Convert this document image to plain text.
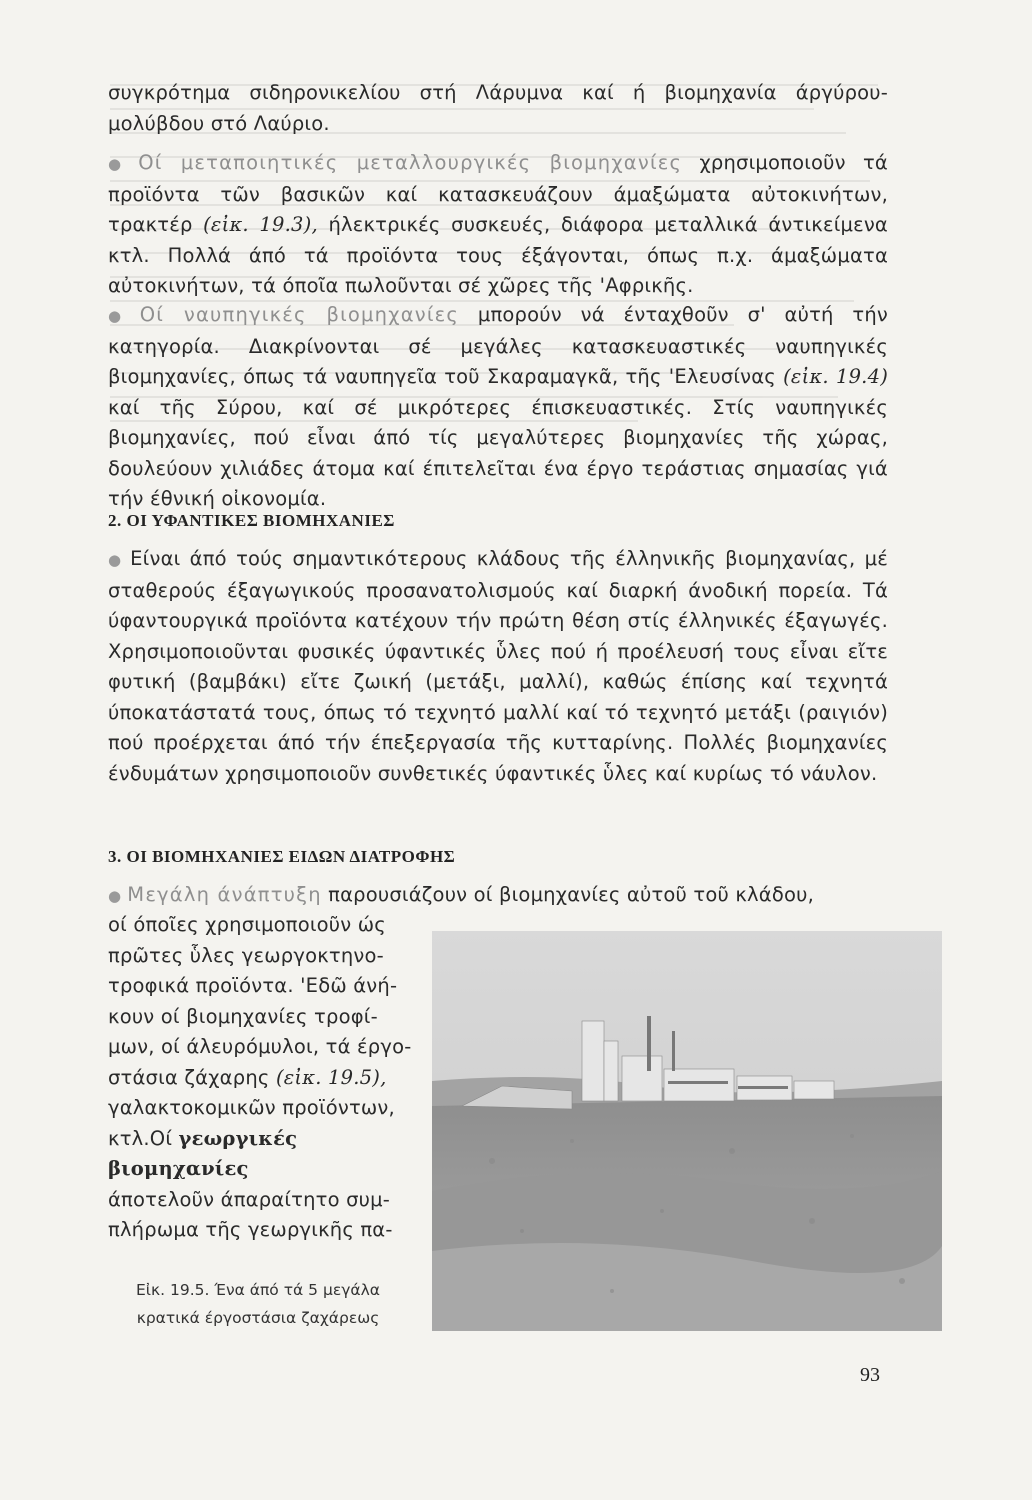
συγκρότημα σιδηρονικελίου στή Λάρυμνα καί ή βιομηχανία άργύρου-μολύβδου στό Λαύριο.

● Οί μεταποιητικές μεταλλουργικές βιομηχανίες χρησιμοποιοῦν τά προϊόντα τῶν βασικῶν καί κατασκευάζουν άμαξώματα αὐτοκινήτων, τρακτέρ (εἰκ. 19.3), ήλεκτρικές συσκευές, διάφορα μεταλλικά άντικείμενα κτλ. Πολλά άπό τά προϊόντα τους έξάγονται, όπως π.χ. άμαξώματα αὐτοκινήτων, τά όποῖα πωλοῦνται σέ χῶρες τῆς 'Αφρικῆς.

● Οί ναυπηγικές βιομηχανίες μπορούν νά ένταχθοῦν σ' αὐτή τήν κατηγορία. Διακρίνονται σέ μεγάλες κατασκευαστικές ναυπηγικές βιομηχανίες, όπως τά ναυπηγεῖα τοῦ Σκαραμαγκᾶ, τῆς 'Ελευσίνας (εἰκ. 19.4) καί τῆς Σύρου, καί σέ μικρότερες έπισκευαστικές. Στίς ναυπηγικές βιομηχανίες, πού εἶναι άπό τίς μεγαλύτερες βιομηχανίες τῆς χώρας, δουλεύουν χιλιάδες άτομα καί έπιτελεῖται ένα έργο τεράστιας σημασίας γιά τήν έθνική οἰκονομία.

2. ΟΙ ΥΦΑΝΤΙΚΕΣ ΒΙΟΜΗΧΑΝΙΕΣ

● Είναι άπό τούς σημαντικότερους κλάδους τῆς έλληνικῆς βιομηχανίας, μέ σταθερούς έξαγωγικούς προσανατολισμούς καί διαρκή άνοδική πορεία. Τά ύφαντουργικά προϊόντα κατέχουν τήν πρώτη θέση στίς έλληνικές έξαγωγές. Χρησιμοποιοῦνται φυσικές ύφαντικές ὗλες πού ή προέλευσή τους εἶναι εἴτε φυτική (βαμβάκι) εἴτε ζωική (μετάξι, μαλλί), καθώς έπίσης καί τεχνητά ύποκατάστατά τους, όπως τό τεχνητό μαλλί καί τό τεχνητό μετάξι (ραιγιόν) πού προέρχεται άπό τήν έπεξεργασία τῆς κυτταρίνης. Πολλές βιομηχανίες ένδυμάτων χρησιμοποιοῦν συνθετικές ύφαντικές ὗλες καί κυρίως τό νάυλον.

3. ΟΙ ΒΙΟΜΗΧΑΝΙΕΣ ΕΙΔΩΝ ΔΙΑΤΡΟΦΗΣ

● Μεγάλη άνάπτυξη παρουσιάζουν οί βιομηχανίες αὐτοῦ τοῦ κλάδου,

οί όποῖες χρησιμοποιοῦν ώς
πρῶτες ὗλες γεωργοκτηνο-
τροφικά προϊόντα. 'Εδῶ άνή-
κουν οί βιομηχανίες τροφί-
μων, οί άλευρόμυλοι, τά έργο-
στάσια ζάχαρης (εἰκ. 19.5),
γαλακτοκομικῶν προϊόντων,
κτλ.Οί γεωργικές βιομηχανίες
άποτελοῦν άπαραίτητο συμ-
πλήρωμα τῆς γεωργικῆς πα-

Εἰκ. 19.5. Ένα άπό τά 5 μεγάλα
κρατικά έργοστάσια ζαχάρεως
93
